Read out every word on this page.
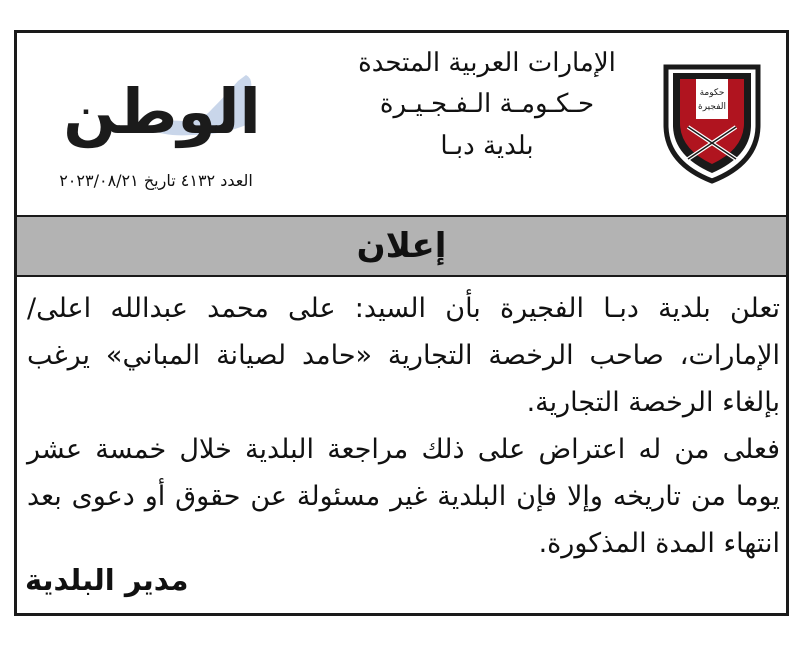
حكومة
الفجيرة
الإمارات العربية المتحدة
حـكـومـة الـفـجـيـرة
بلدية دبـا
الوطن
العدد ٤١٣٢ تاريخ ٢٠٢٣/٠٨/٢١
إعلان

تعلن بلدية دبـا الفجيرة بأن السيد: على محمد عبدالله اعلى/الإمارات، صاحب الرخصة التجارية «حامد لصيانة المباني» يرغب بإلغاء الرخصة التجارية.

فعلى من له اعتراض على ذلك مراجعة البلدية خلال خمسة عشر يوما من تاريخه وإلا فإن البلدية غير مسئولة عن حقوق أو دعوى بعد انتهاء المدة المذكورة.

مدير البلدية
